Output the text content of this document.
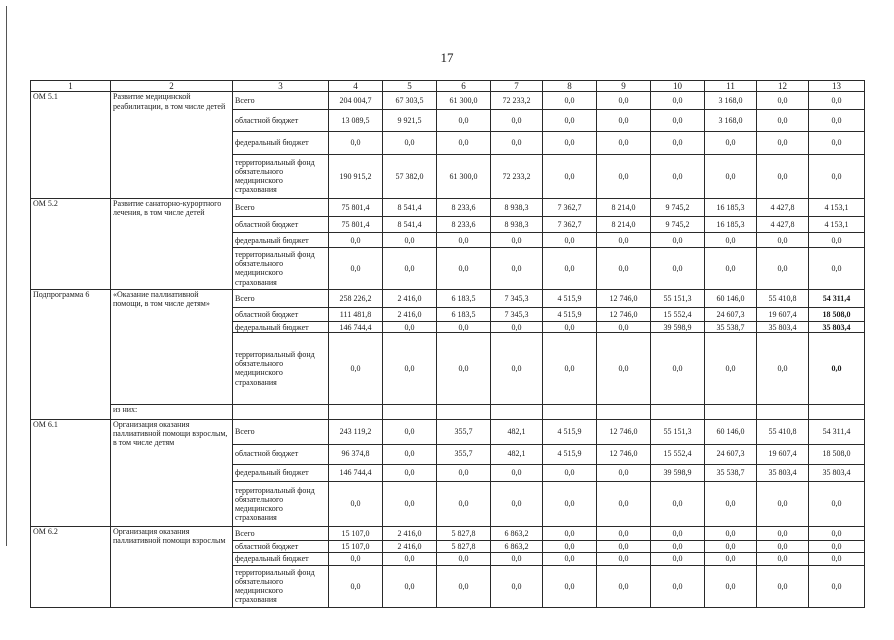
17
1	2	3	4	5	6	7	8	9	10	11	12	13
ОМ 5.1	Развитие медицинской реабилитации, в том числе детей	Всего	204 004,7	67 303,5	61 300,0	72 233,2	0,0	0,0	0,0	3 168,0	0,0	0,0
		областной бюджет	13 089,5	9 921,5	0,0	0,0	0,0	0,0	0,0	3 168,0	0,0	0,0
		федеральный бюджет	0,0	0,0	0,0	0,0	0,0	0,0	0,0	0,0	0,0	0,0
		территориальный фонд обязательного медицинского страхования	190 915,2	57 382,0	61 300,0	72 233,2	0,0	0,0	0,0	0,0	0,0	0,0
ОМ 5.2	Развитие санаторно-курортного лечения, в том числе детей	Всего	75 801,4	8 541,4	8 233,6	8 938,3	7 362,7	8 214,0	9 745,2	16 185,3	4 427,8	4 153,1
		областной бюджет	75 801,4	8 541,4	8 233,6	8 938,3	7 362,7	8 214,0	9 745,2	16 185,3	4 427,8	4 153,1
		федеральный бюджет	0,0	0,0	0,0	0,0	0,0	0,0	0,0	0,0	0,0	0,0
		территориальный фонд обязательного медицинского страхования	0,0	0,0	0,0	0,0	0,0	0,0	0,0	0,0	0,0	0,0
Подпрограмма 6	«Оказание паллиативной помощи, в том числе детям»	Всего	258 226,2	2 416,0	6 183,5	7 345,3	4 515,9	12 746,0	55 151,3	60 146,0	55 410,8	54 311,4
		областной бюджет	111 481,8	2 416,0	6 183,5	7 345,3	4 515,9	12 746,0	15 552,4	24 607,3	19 607,4	18 508,0
		федеральный бюджет	146 744,4	0,0	0,0	0,0	0,0	0,0	39 598,9	35 538,7	35 803,4	35 803,4
		территориальный фонд обязательного медицинского страхования	0,0	0,0	0,0	0,0	0,0	0,0	0,0	0,0	0,0	0,0
	из них:											
ОМ 6.1	Организация оказания паллиативной помощи взрослым, в том числе детям	Всего	243 119,2	0,0	355,7	482,1	4 515,9	12 746,0	55 151,3	60 146,0	55 410,8	54 311,4
		областной бюджет	96 374,8	0,0	355,7	482,1	4 515,9	12 746,0	15 552,4	24 607,3	19 607,4	18 508,0
		федеральный бюджет	146 744,4	0,0	0,0	0,0	0,0	0,0	39 598,9	35 538,7	35 803,4	35 803,4
		территориальный фонд обязательного медицинского страхования	0,0	0,0	0,0	0,0	0,0	0,0	0,0	0,0	0,0	0,0
ОМ 6.2	Организация оказания паллиативной помощи взрослым	Всего	15 107,0	2 416,0	5 827,8	6 863,2	0,0	0,0	0,0	0,0	0,0	0,0
		областной бюджет	15 107,0	2 416,0	5 827,8	6 863,2	0,0	0,0	0,0	0,0	0,0	0,0
		федеральный бюджет	0,0	0,0	0,0	0,0	0,0	0,0	0,0	0,0	0,0	0,0
		территориальный фонд обязательного медицинского страхования	0,0	0,0	0,0	0,0	0,0	0,0	0,0	0,0	0,0	0,0
